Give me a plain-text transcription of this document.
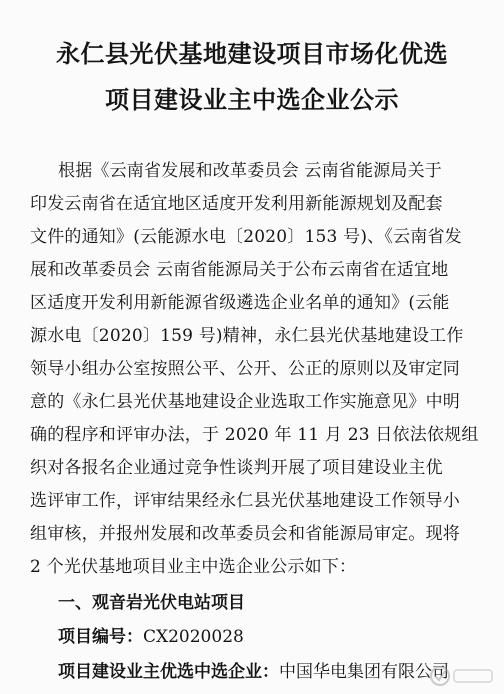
永仁县光伏基地建设项目市场化优选
项目建设业主中选企业公示
根据《云南省发展和改革委员会 云南省能源局关于
印发云南省在适宜地区适度开发利用新能源规划及配套
文件的通知》(云能源水电〔2020〕153 号)、《云南省发
展和改革委员会 云南省能源局关于公布云南省在适宜地
区适度开发利用新能源省级遴选企业名单的通知》(云能
源水电〔2020〕159 号)精神，永仁县光伏基地建设工作
领导小组办公室按照公平、公开、公正的原则以及审定同
意的《永仁县光伏基地建设企业选取工作实施意见》中明
确的程序和评审办法，于 2020 年 11 月 23 日依法依规组
织对各报名企业通过竞争性谈判开展了项目建设业主优
选评审工作，评审结果经永仁县光伏基地建设工作领导小
组审核，并报州发展和改革委员会和省能源局审定。现将
2 个光伏基地项目业主中选企业公示如下：
一、观音岩光伏电站项目
项目编号：CX2020028
项目建设业主优选中选企业：中国华电集团有限公司
